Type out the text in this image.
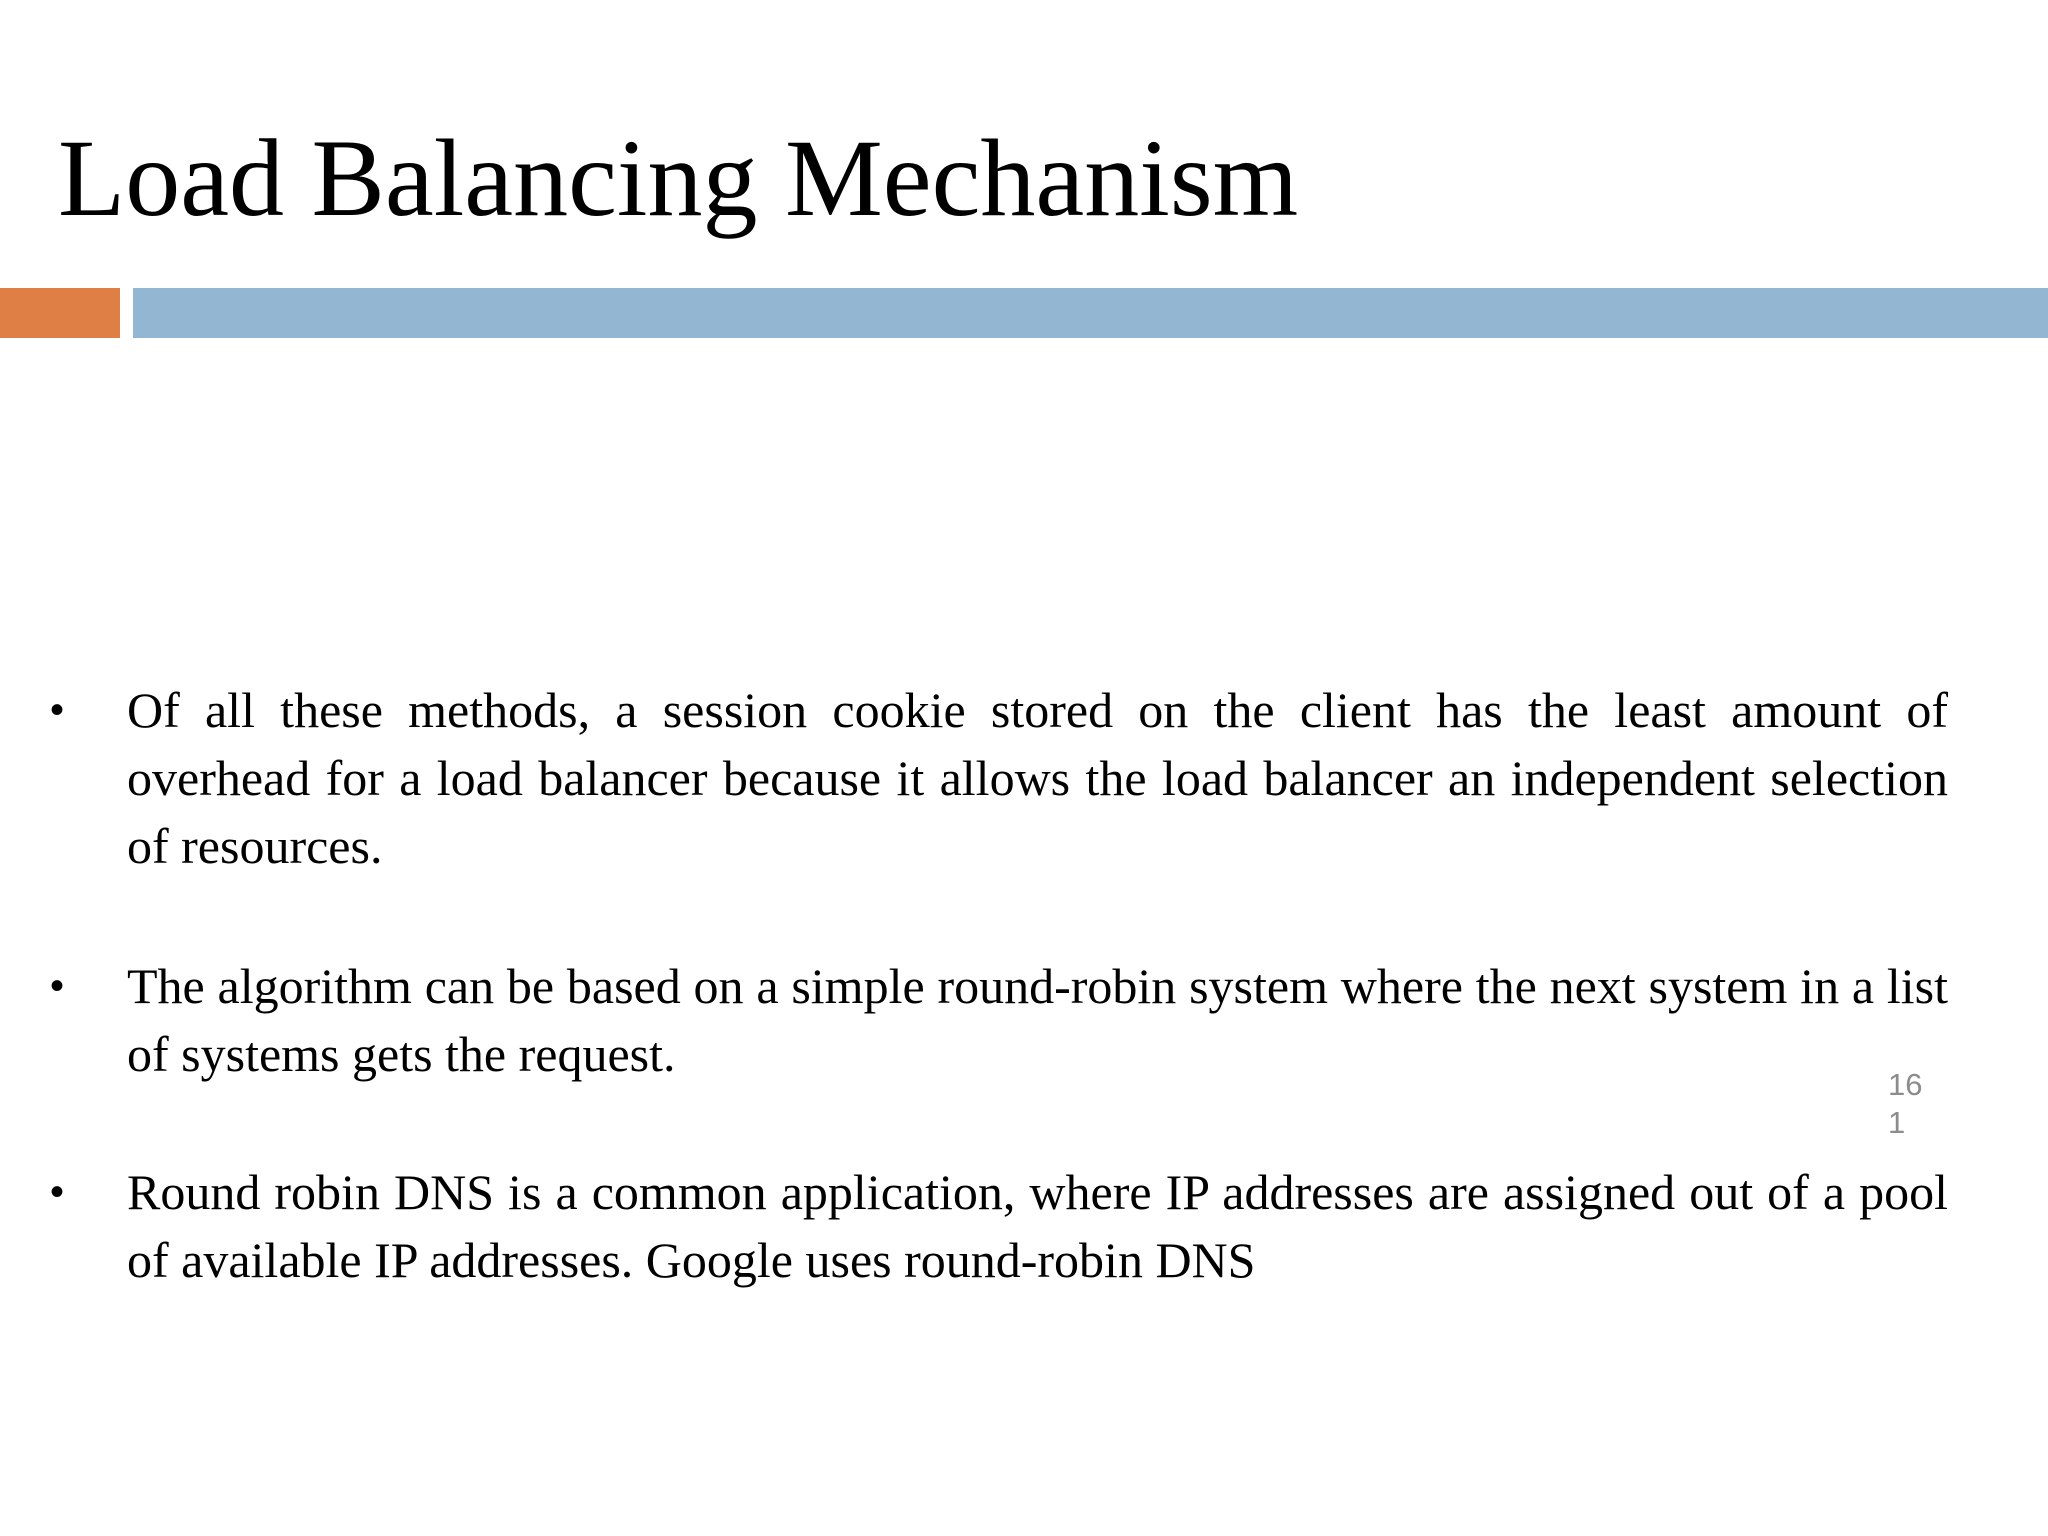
Load Balancing Mechanism
• Of all these methods, a session cookie stored on the client has the least amount of overhead for a load balancer because it allows the load balancer an independent selection of resources.
• The algorithm can be based on a simple round-robin system where the next system in a list of systems gets the request.
• Round robin DNS is a common application, where IP addresses are assigned out of a pool of available IP addresses. Google uses round-robin DNS
161
